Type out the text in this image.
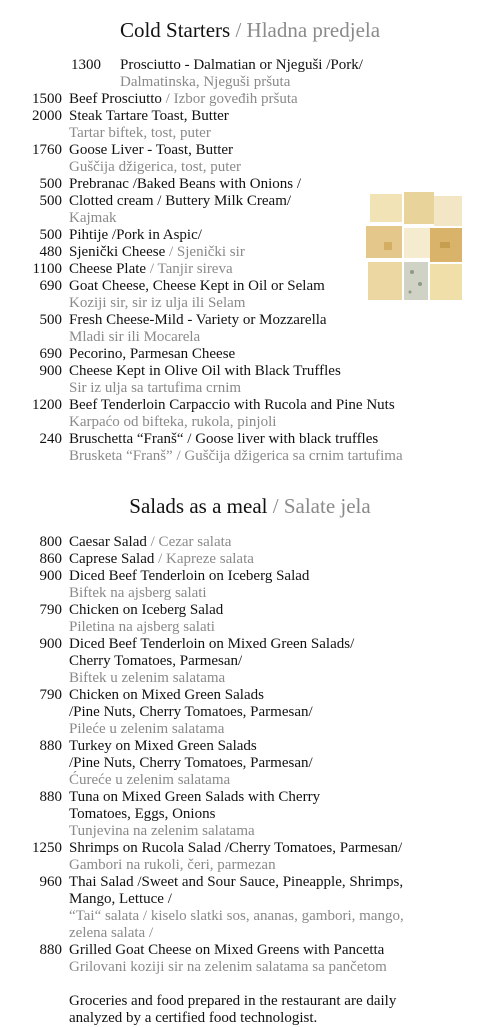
Cold Starters / Hladna predjela
1300 Prosciutto - Dalmatian or Njeguši /Pork/
Dalmatinska, Njeguši pršuta
1500 Beef Prosciutto / Izbor goveđih pršuta
2000 Steak Tartare Toast, Butter
Tartar biftek, tost, puter
1760 Goose Liver - Toast, Butter
Guščija džigerica, tost, puter
500 Prebranac /Baked Beans with Onions /
500 Clotted cream / Buttery Milk Cream/
Kajmak
500 Pihtije /Pork in Aspic/
480 Sjenički Cheese / Sjenički sir
1100 Cheese Plate / Tanjir sireva
690 Goat Cheese, Cheese Kept in Oil or Selam
Koziji sir, sir iz ulja ili Selam
500 Fresh Cheese-Mild - Variety or Mozzarella
Mladi sir ili Mocarela
690 Pecorino, Parmesan Cheese
900 Cheese Kept in Olive Oil with Black Truffles
Sir iz ulja sa tartufima crnim
1200 Beef Tenderloin Carpaccio with Rucola and Pine Nuts
Karpaćo od bifteka, rukola, pinjoli
240 Bruschetta “Franš“ / Goose liver with black truffles
Brusketa “Franš” / Guščija džigerica sa crnim tartufima
Salads as a meal / Salate jela
800 Caesar Salad / Cezar salata
860 Caprese Salad / Kapreze salata
900 Diced Beef Tenderloin on Iceberg Salad
Biftek na ajsberg salati
790 Chicken on Iceberg Salad
Piletina na ajsberg salati
900 Diced Beef Tenderloin on Mixed Green Salads/
Cherry Tomatoes, Parmesan/
Biftek u zelenim salatama
790 Chicken on Mixed Green Salads
/Pine Nuts, Cherry Tomatoes, Parmesan/
Pileće u zelenim salatama
880 Turkey on Mixed Green Salads
/Pine Nuts, Cherry Tomatoes, Parmesan/
Ćureće u zelenim salatama
880 Tuna on Mixed Green Salads with Cherry
Tomatoes, Eggs, Onions
Tunjevina na zelenim salatama
1250 Shrimps on Rucola Salad /Cherry Tomatoes, Parmesan/
Gambori na rukoli, čeri, parmezan
960 Thai Salad /Sweet and Sour Sauce, Pineapple, Shrimps,
Mango, Lettuce /
“Tai“ salata / kiselo slatki sos, ananas, gambori, mango,
zelena salata /
880 Grilled Goat Cheese on Mixed Greens with Pancetta
Grilovani koziji sir na zelenim salatama sa pančetom
Groceries and food prepared in the restaurant are daily
analyzed by a certified food technologist.
